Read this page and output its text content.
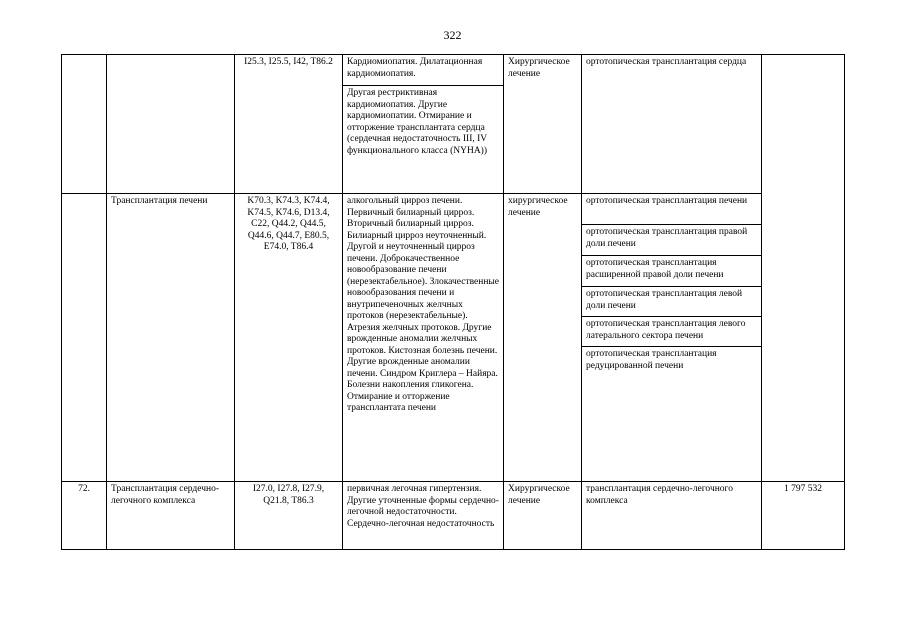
322
		I25.3, I25.5, I42, T86.2	Кардиомиопатия. Дилатационная кардиомиопатия.	Хирургическое лечение	ортотопическая трансплантация сердца	
			Другая рестриктивная кардиомиопатия. Другие кардиомиопатии. Отмирание и отторжение трансплантата сердца (сердечная недостаточность III, IV функционального класса (NYHA))			
	Трансплантация печени	K70.3, K74.3, K74.4, K74.5, K74.6, D13.4, C22, Q44.2, Q44.5, Q44.6, Q44.7, E80.5, E74.0, T86.4	алкогольный цирроз печени. Первичный билиарный цирроз. Вторичный билиарный цирроз. Билиарный цирроз неуточненный. Другой и неуточненный цирроз печени. Доброкачественное новообразование печени (нерезектабельное). Злокачественные новообразования печени и внутрипеченочных желчных протоков (нерезектабельные). Атрезия желчных протоков. Другие врожденные аномалии желчных протоков. Кистозная болезнь печени. Другие врожденные аномалии печени. Синдром Криглера – Найяра. Болезни накопления гликогена. Отмирание и отторжение трансплантата печени	хирургическое лечение	ортотопическая трансплантация печени	
					ортотопическая трансплантация правой доли печени	
					ортотопическая трансплантация расширенной правой доли печени	
					ортотопическая трансплантация левой доли печени	
					ортотопическая трансплантация левого латерального сектора печени	
					ортотопическая трансплантация редуцированной печени	
72.	Трансплантация сердечно-легочного комплекса	I27.0, I27.8, I27.9, Q21.8, T86.3	первичная легочная гипертензия. Другие уточненные формы сердечно- легочной недостаточности. Сердечно-легочная недостаточность	Хирургическое лечение	трансплантация сердечно-легочного комплекса	1 797 532
